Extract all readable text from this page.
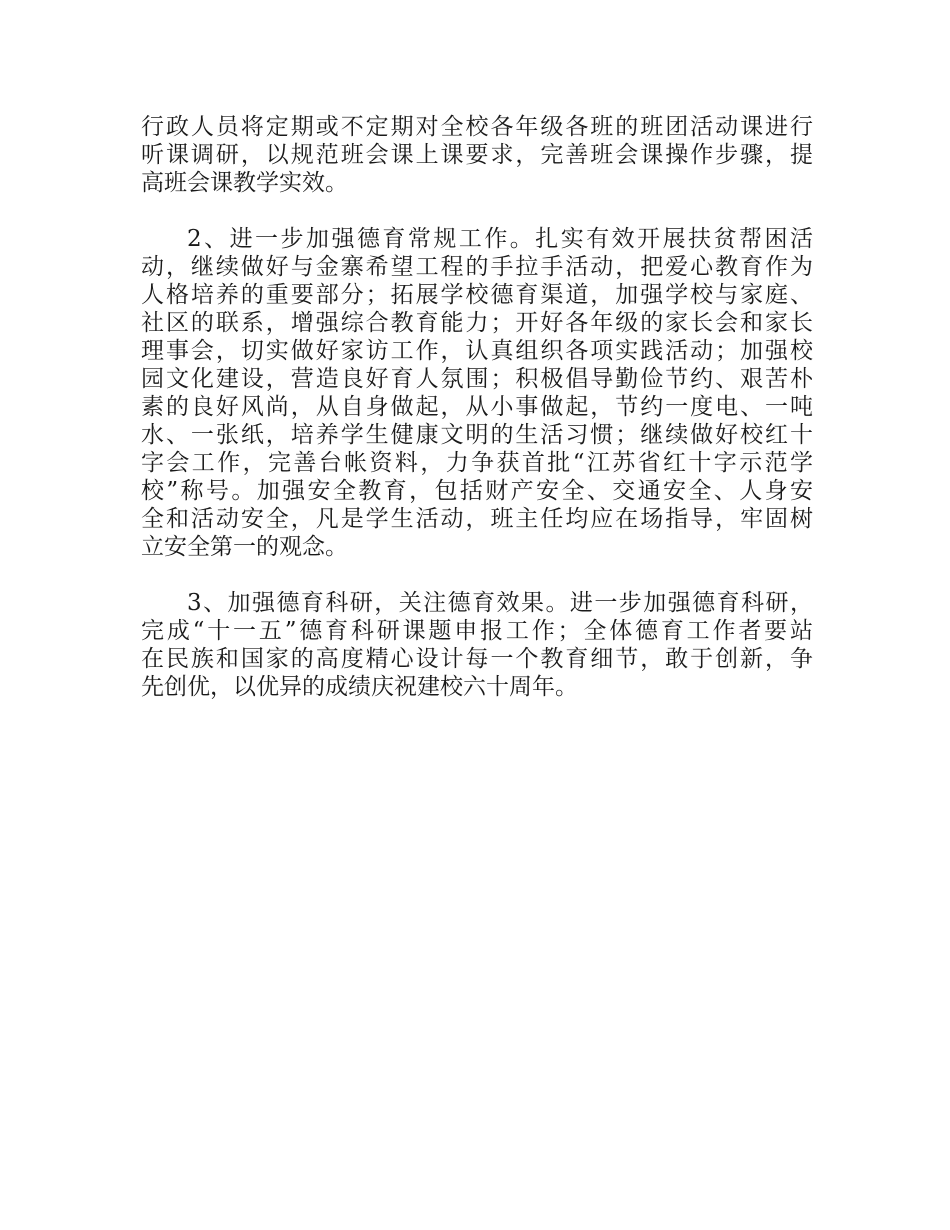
行政人员将定期或不定期对全校各年级各班的班团活动课进行
听课调研，以规范班会课上课要求，完善班会课操作步骤，提
高班会课教学实效。
2、进一步加强德育常规工作。扎实有效开展扶贫帮困活
动，继续做好与金寨希望工程的手拉手活动，把爱心教育作为
人格培养的重要部分；拓展学校德育渠道，加强学校与家庭、
社区的联系，增强综合教育能力；开好各年级的家长会和家长
理事会，切实做好家访工作，认真组织各项实践活动；加强校
园文化建设，营造良好育人氛围；积极倡导勤俭节约、艰苦朴
素的良好风尚，从自身做起，从小事做起，节约一度电、一吨
水、一张纸，培养学生健康文明的生活习惯；继续做好校红十
字会工作，完善台帐资料，力争获首批“江苏省红十字示范学
校”称号。加强安全教育，包括财产安全、交通安全、人身安
全和活动安全，凡是学生活动，班主任均应在场指导，牢固树
立安全第一的观念。
3、加强德育科研，关注德育效果。进一步加强德育科研，
完成“十一五”德育科研课题申报工作；全体德育工作者要站
在民族和国家的高度精心设计每一个教育细节，敢于创新，争
先创优，以优异的成绩庆祝建校六十周年。
